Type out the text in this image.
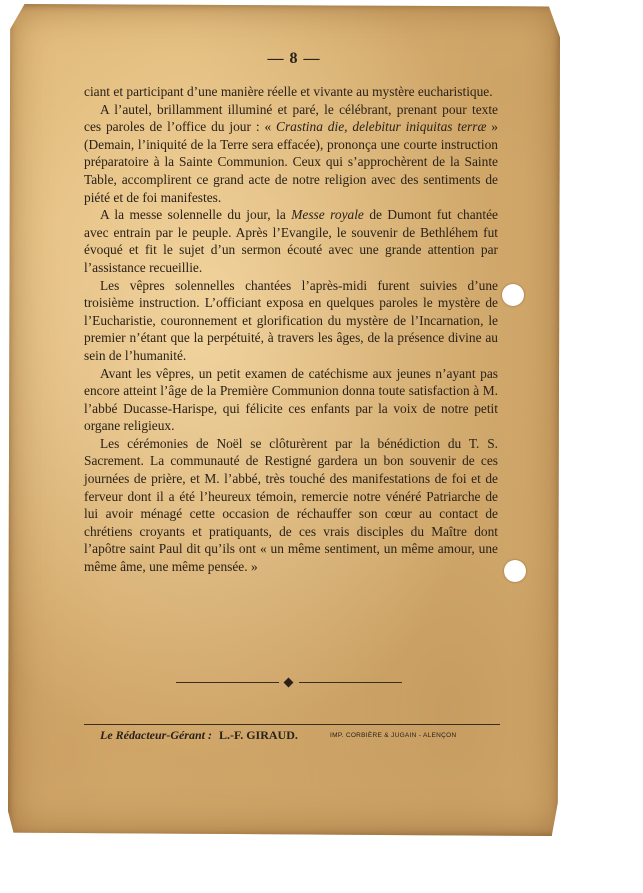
— 8 —

ciant et participant d’une manière réelle et vivante au mystère eucharistique.

A l’autel, brillamment illuminé et paré, le célébrant, prenant pour texte ces paroles de l’office du jour : « Crastina die, delebitur iniquitas terræ » (Demain, l’iniquité de la Terre sera effacée), prononça une courte instruction préparatoire à la Sainte Communion. Ceux qui s’approchèrent de la Sainte Table, accomplirent ce grand acte de notre religion avec des sentiments de piété et de foi manifestes.

A la messe solennelle du jour, la Messe royale de Dumont fut chantée avec entrain par le peuple. Après l’Evangile, le souvenir de Bethléhem fut évoqué et fit le sujet d’un sermon écouté avec une grande attention par l’assistance recueillie.

Les vêpres solennelles chantées l’après-midi furent suivies d’une troisième instruction. L’officiant exposa en quelques paroles le mystère de l’Eucharistie, couronnement et glorification du mystère de l’Incarnation, le premier n’étant que la perpétuité, à travers les âges, de la présence divine au sein de l’humanité.

Avant les vêpres, un petit examen de catéchisme aux jeunes n’ayant pas encore atteint l’âge de la Première Communion donna toute satisfaction à M. l’abbé Ducasse-Harispe, qui félicite ces enfants par la voix de notre petit organe religieux.

Les cérémonies de Noël se clôturèrent par la bénédiction du T. S. Sacrement. La communauté de Restigné gardera un bon souvenir de ces journées de prière, et M. l’abbé, très touché des manifestations de foi et de ferveur dont il a été l’heureux témoin, remercie notre vénéré Patriarche de lui avoir ménagé cette occasion de réchauffer son cœur au contact de chrétiens croyants et pratiquants, de ces vrais disciples du Maître dont l’apôtre saint Paul dit qu’ils ont « un même sentiment, un même amour, une même âme, une même pensée. »

Le Rédacteur-Gérant : L.-F. GIRAUD.	IMP. CORBIÈRE & JUGAIN - ALENÇON
